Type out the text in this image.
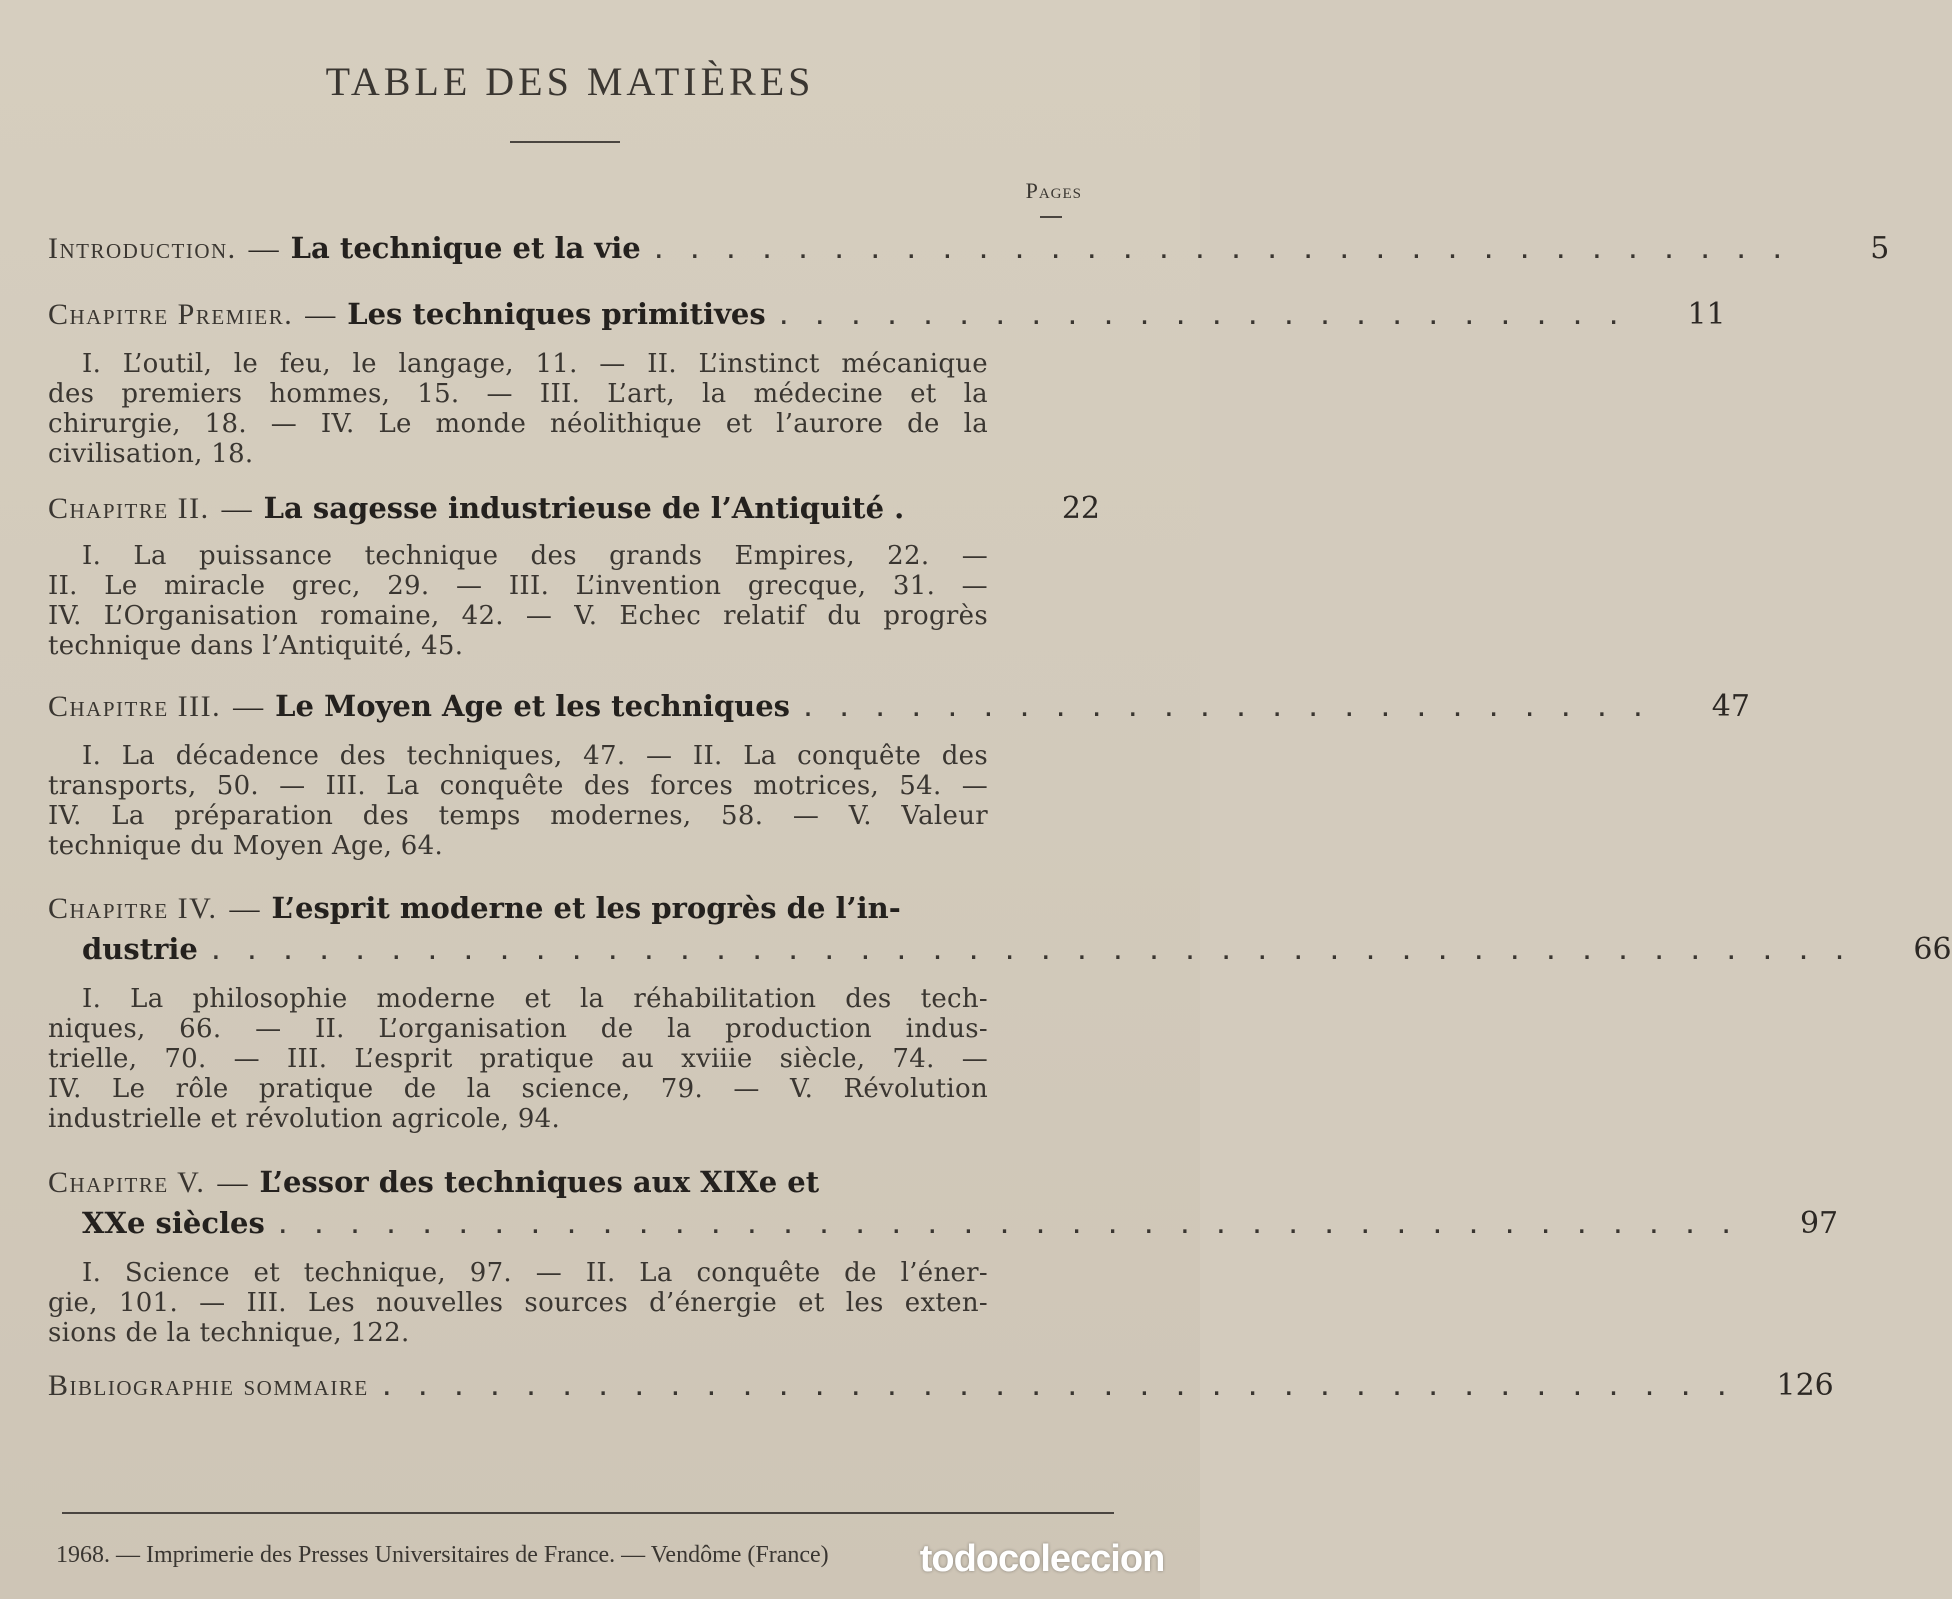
TABLE DES MATIÈRES
Pages
Introduction. — La technique et la vie . . . . . . . . . . . . . . . . . . . . . . . . . . . . . . . .	5
Chapitre Premier. — Les techniques primitives . . . . . . . . . . . . . . . . . . . . . . . .	11
I. L’outil, le feu, le langage, 11. — II. L’instinct mécanique
des premiers hommes, 15. — III. L’art, la médecine et la
chirurgie, 18. — IV. Le monde néolithique et l’aurore de la
civilisation, 18.
Chapitre II. — La sagesse industrieuse de l’Antiquité .	22
I. La puissance technique des grands Empires, 22. —
II. Le miracle grec, 29. — III. L’invention grecque, 31. —
IV. L’Organisation romaine, 42. — V. Echec relatif du progrès
technique dans l’Antiquité, 45.
Chapitre III. — Le Moyen Age et les techniques . . . . . . . . . . . . . . . . . . . . . . . .	47
I. La décadence des techniques, 47. — II. La conquête des
transports, 50. — III. La conquête des forces motrices, 54. —
IV. La préparation des temps modernes, 58. — V. Valeur
technique du Moyen Age, 64.
Chapitre IV. — L’esprit moderne et les progrès de l’in-
dustrie . . . . . . . . . . . . . . . . . . . . . . . . . . . . . . . . . . . . . . . . . . . . . .	66
I. La philosophie moderne et la réhabilitation des tech-
niques, 66. — II. L’organisation de la production indus-
trielle, 70. — III. L’esprit pratique au xviiie siècle, 74. —
IV. Le rôle pratique de la science, 79. — V. Révolution
industrielle et révolution agricole, 94.
Chapitre V. — L’essor des techniques aux XIXe et
XXe siècles . . . . . . . . . . . . . . . . . . . . . . . . . . . . . . . . . . . . . . . . .	97
I. Science et technique, 97. — II. La conquête de l’éner-
gie, 101. — III. Les nouvelles sources d’énergie et les exten-
sions de la technique, 122.
Bibliographie sommaire . . . . . . . . . . . . . . . . . . . . . . . . . . . . . . . . . . . . . .	126
1968. — Imprimerie des Presses Universitaires de France. — Vendôme (France)	todocoleccion
